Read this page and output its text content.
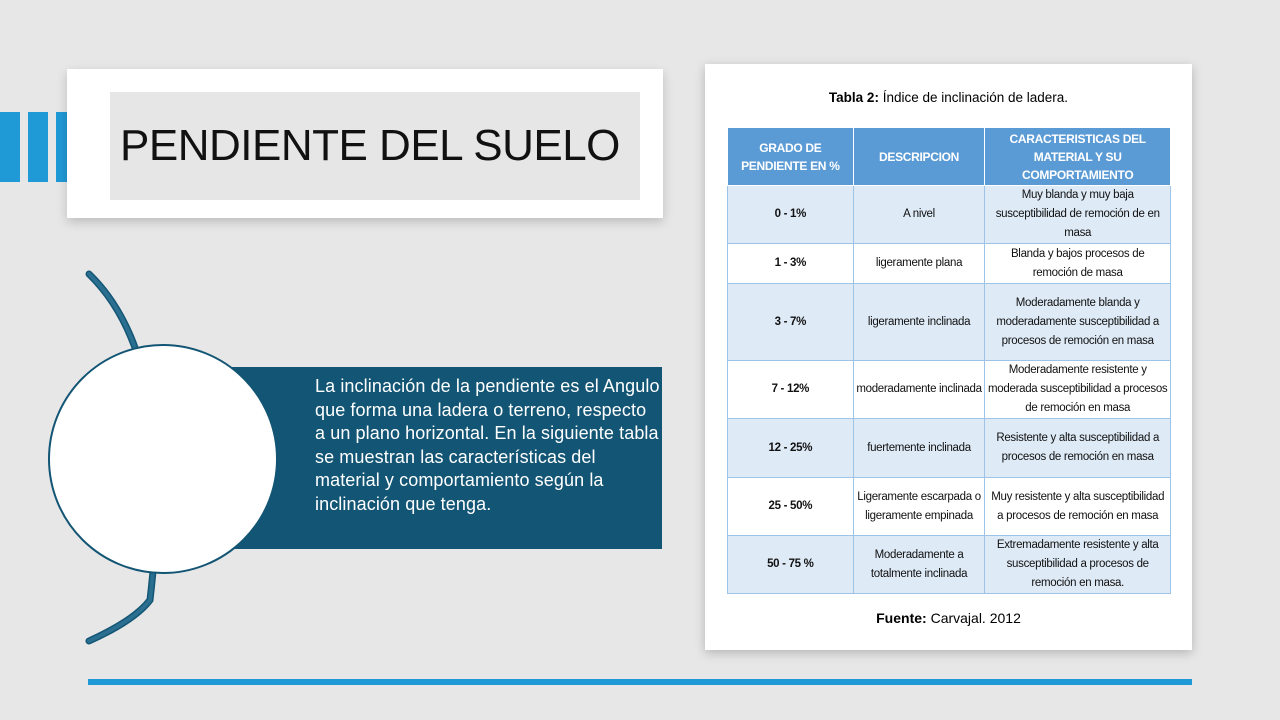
PENDIENTE DEL SUELO

La inclinación de la pendiente es el Angulo que forma una ladera o terreno, respecto a un plano horizontal. En la siguiente tabla se muestran las características del material y comportamiento según la inclinación que tenga.

Tabla 2: Índice de inclinación de ladera.
GRADO DE PENDIENTE EN %	DESCRIPCION	CARACTERISTICAS DEL MATERIAL Y SU COMPORTAMIENTO
0 - 1%	A nivel	Muy blanda y muy baja susceptibilidad de remoción de en masa
1 - 3%	ligeramente plana	Blanda y bajos procesos de remoción de masa
3 - 7%	ligeramente inclinada	Moderadamente blanda y moderadamente susceptibilidad a procesos de remoción en masa
7 - 12%	moderadamente inclinada	Moderadamente resistente y moderada susceptibilidad a procesos de remoción en masa
12 - 25%	fuertemente inclinada	Resistente y alta susceptibilidad a procesos de remoción en masa
25 - 50%	Ligeramente escarpada o ligeramente empinada	Muy resistente y alta susceptibilidad a procesos de remoción en masa
50 - 75 %	Moderadamente a totalmente inclinada	Extremadamente resistente y alta susceptibilidad a procesos de remoción en masa.
Fuente: Carvajal. 2012
